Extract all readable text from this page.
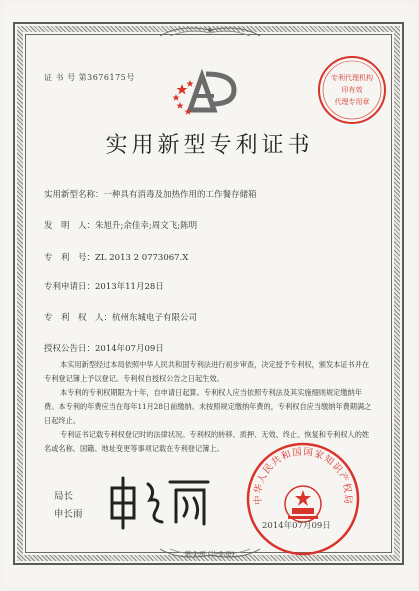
证 书 号 第3676175号	专利代理机构
印有效
代理专用章
实用新型专利证书
实用新型名称：一种具有消毒及加热作用的工作餐存储箱
发　明　人：朱旭升;余佳幸;周文飞;陈明
专　利　号：ZL 2013 2 0773067.X
专利申请日：2013年11月28日
专　利　权　人：杭州东城电子有限公司
授权公告日：2014年07月09日

本实用新型经过本局依照中华人民共和国专利法进行初步审查，决定授予专利权，颁发本证书并在专利登记簿上予以登记。专利权自授权公告之日起生效。

本专利的专利权期限为十年，自申请日起算。专利权人应当依照专利法及其实施细则规定缴纳年费。本专利的年费应当在每年11月28日前缴纳。未按照规定缴纳年费的，专利权自应当缴纳年费期满之日起终止。

专利证书记载专利权登记时的法律状况。专利权的转移、质押、无效、终止、恢复和专利权人的姓名或名称、国籍、地址变更等事项记载在专利登记簿上。

中华人民共和国国家知识产权局
局长
申长雨
2014年07月09日
第 1 页 (共 1 页)
